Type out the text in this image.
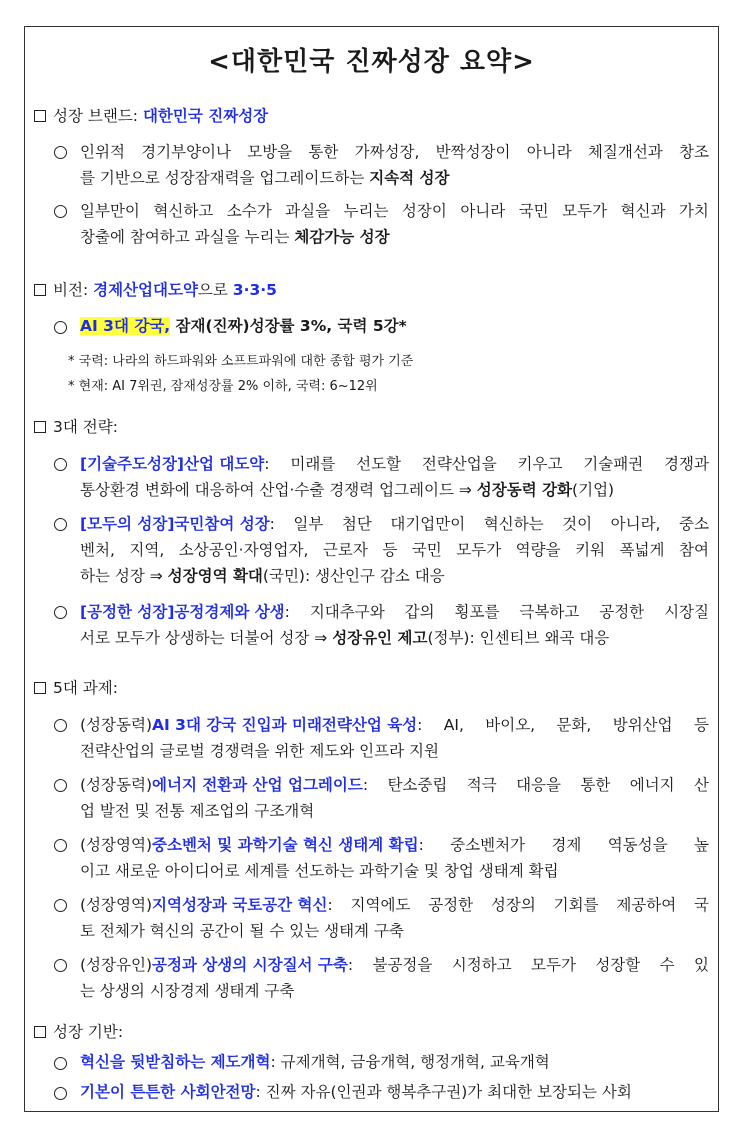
<대한민국 진짜성장 요약>
성장 브랜드: 대한민국 진짜성장
인위적 경기부양이나 모방을 통한 가짜성장, 반짝성장이 아니라 체질개선과 창조
를 기반으로 성장잠재력을 업그레이드하는 지속적 성장
일부만이 혁신하고 소수가 과실을 누리는 성장이 아니라 국민 모두가 혁신과 가치
창출에 참여하고 과실을 누리는 체감가능 성장
비전: 경제산업대도약으로 3·3·5
AI 3대 강국, 잠재(진짜)성장률 3%, 국력 5강*
* 국력: 나라의 하드파워와 소프트파워에 대한 종합 평가 기준
* 현재: AI 7위권, 잠재성장률 2% 이하, 국력: 6~12위
3대 전략:
[기술주도성장]산업 대도약: 미래를 선도할 전략산업을 키우고 기술패권 경쟁과
통상환경 변화에 대응하여 산업·수출 경쟁력 업그레이드 ⇒ 성장동력 강화(기업)
[모두의 성장]국민참여 성장: 일부 첨단 대기업만이 혁신하는 것이 아니라, 중소
벤처, 지역, 소상공인·자영업자, 근로자 등 국민 모두가 역량을 키워 폭넓게 참여
하는 성장 ⇒ 성장영역 확대(국민): 생산인구 감소 대응
[공정한 성장]공정경제와 상생: 지대추구와 갑의 횡포를 극복하고 공정한 시장질
서로 모두가 상생하는 더불어 성장 ⇒ 성장유인 제고(정부): 인센티브 왜곡 대응
5대 과제:
(성장동력)AI 3대 강국 진입과 미래전략산업 육성: AI, 바이오, 문화, 방위산업 등
전략산업의 글로벌 경쟁력을 위한 제도와 인프라 지원
(성장동력)에너지 전환과 산업 업그레이드: 탄소중립 적극 대응을 통한 에너지 산
업 발전 및 전통 제조업의 구조개혁
(성장영역)중소벤처 및 과학기술 혁신 생태계 확립: 중소벤처가 경제 역동성을 높
이고 새로운 아이디어로 세계를 선도하는 과학기술 및 창업 생태계 확립
(성장영역)지역성장과 국토공간 혁신: 지역에도 공정한 성장의 기회를 제공하여 국
토 전체가 혁신의 공간이 될 수 있는 생태계 구축
(성장유인)공정과 상생의 시장질서 구축: 불공정을 시정하고 모두가 성장할 수 있
는 상생의 시장경제 생태계 구축
성장 기반:
혁신을 뒷받침하는 제도개혁: 규제개혁, 금융개혁, 행정개혁, 교육개혁
기본이 튼튼한 사회안전망: 진짜 자유(인권과 행복추구권)가 최대한 보장되는 사회
